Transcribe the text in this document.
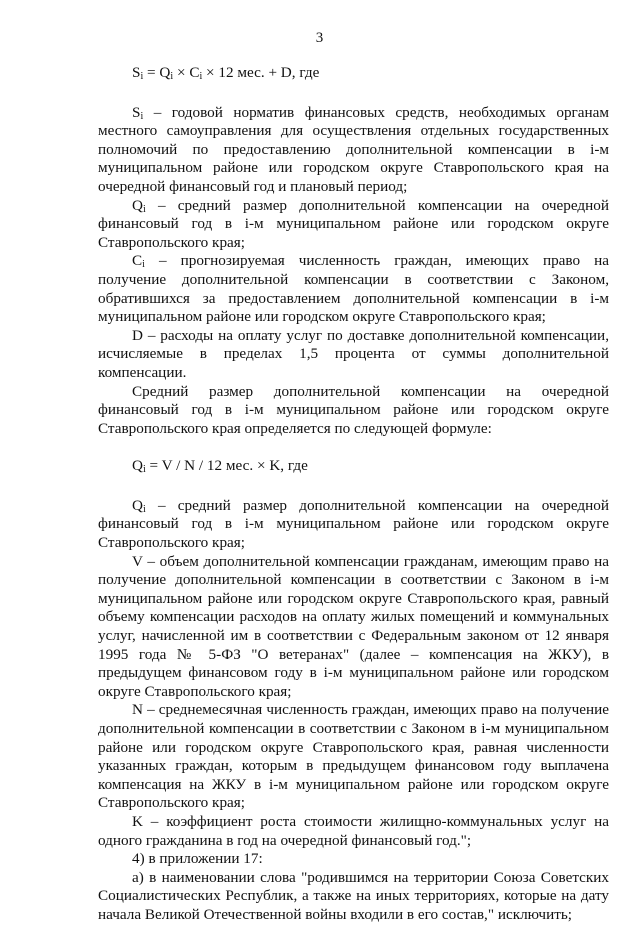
3

$S_i = Q_i \times C_i \times 12$ мес. + D, где

$S_i$ – годовой норматив финансовых средств, необходимых органам местного самоуправления для осуществления отдельных государственных полномочий по предоставлению дополнительной компенсации в i-м муниципальном районе или городском округе Ставропольского края на очередной финансовый год и плановый период;

$Q_i$ – средний размер дополнительной компенсации на очередной финансовый год в i-м муниципальном районе или городском округе Ставропольского края;

$C_i$ – прогнозируемая численность граждан, имеющих право на получение дополнительной компенсации в соответствии с Законом, обратившихся за предоставлением дополнительной компенсации в i-м муниципальном районе или городском округе Ставропольского края;

D – расходы на оплату услуг по доставке дополнительной компенсации, исчисляемые в пределах 1,5 процента от суммы дополнительной компенсации.

Средний размер дополнительной компенсации на очередной финансовый год в i-м муниципальном районе или городском округе Ставропольского края определяется по следующей формуле:

$Q_i = V / N / 12$ мес. × K, где

$Q_i$ – средний размер дополнительной компенсации на очередной финансовый год в i-м муниципальном районе или городском округе Ставропольского края;

V – объем дополнительной компенсации гражданам, имеющим право на получение дополнительной компенсации в соответствии с Законом в i-м муниципальном районе или городском округе Ставропольского края, равный объему компенсации расходов на оплату жилых помещений и коммунальных услуг, начисленной им в соответствии с Федеральным законом от 12 января 1995 года № 5-ФЗ "О ветеранах" (далее – компенсация на ЖКУ), в предыдущем финансовом году в i-м муниципальном районе или городском округе Ставропольского края;

N – среднемесячная численность граждан, имеющих право на получение дополнительной компенсации в соответствии с Законом в i-м муниципальном районе или городском округе Ставропольского края, равная численности указанных граждан, которым в предыдущем финансовом году выплачена компенсация на ЖКУ в i-м муниципальном районе или городском округе Ставропольского края;

K – коэффициент роста стоимости жилищно-коммунальных услуг на одного гражданина в год на очередной финансовый год.";

4) в приложении 17:

а) в наименовании слова "родившимся на территории Союза Советских Социалистических Республик, а также на иных территориях, которые на дату начала Великой Отечественной войны входили в его состав," исключить;
